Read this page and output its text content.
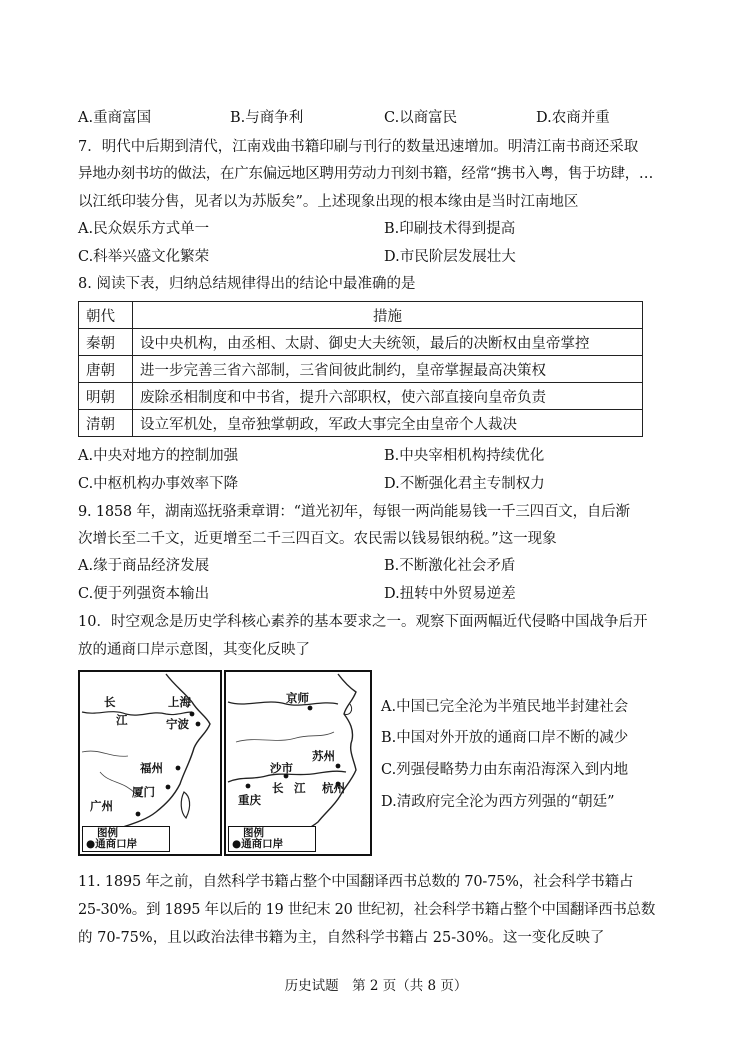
A.重商富国	B.与商争利	C.以商富民	D.农商并重
7．明代中后期到清代，江南戏曲书籍印刷与刊行的数量迅速增加。明清江南书商还采取
异地办刻书坊的做法，在广东偏远地区聘用劳动力刊刻书籍，经常“携书入粤，售于坊肆，…
以江纸印装分售，见者以为苏版矣”。上述现象出现的根本缘由是当时江南地区
A.民众娱乐方式单一	B.印刷技术得到提高
C.科举兴盛文化繁荣	D.市民阶层发展壮大
8. 阅读下表，归纳总结规律得出的结论中最准确的是
朝代	措施
秦朝	设中央机构，由丞相、太尉、御史大夫统领，最后的决断权由皇帝掌控
唐朝	进一步完善三省六部制，三省间彼此制约，皇帝掌握最高决策权
明朝	废除丞相制度和中书省，提升六部职权，使六部直接向皇帝负责
清朝	设立军机处，皇帝独掌朝政，军政大事完全由皇帝个人裁决
A.中央对地方的控制加强	B.中央宰相机构持续优化
C.中枢机构办事效率下降	D.不断强化君主专制权力
9. 1858 年，湖南巡抚骆秉章谓：“道光初年，每银一两尚能易钱一千三四百文，自后渐
次增长至二千文，近更增至二千三四百文。农民需以钱易银纳税。”这一现象
A.缘于商品经济发展	B.不断激化社会矛盾
C.便于列强资本输出	D.扭转中外贸易逆差
10．时空观念是历史学科核心素养的基本要求之一。观察下面两幅近代侵略中国战争后开
放的通商口岸示意图，其变化反映了
长
江
上海
宁波
福州
厦门
广州
图例
●通商口岸
京师
苏州
沙市
重庆
长 江 杭州
图例
●通商口岸
A.中国已完全沦为半殖民地半封建社会
B.中国对外开放的通商口岸不断的减少
C.列强侵略势力由东南沿海深入到内地
D.清政府完全沦为西方列强的“朝廷”
11. 1895 年之前，自然科学书籍占整个中国翻译西书总数的 70-75%，社会科学书籍占
25-30%。到 1895 年以后的 19 世纪末 20 世纪初，社会科学书籍占整个中国翻译西书总数
的 70-75%，且以政治法律书籍为主，自然科学书籍占 25-30%。这一变化反映了
历史试题　第 2 页（共 8 页）
